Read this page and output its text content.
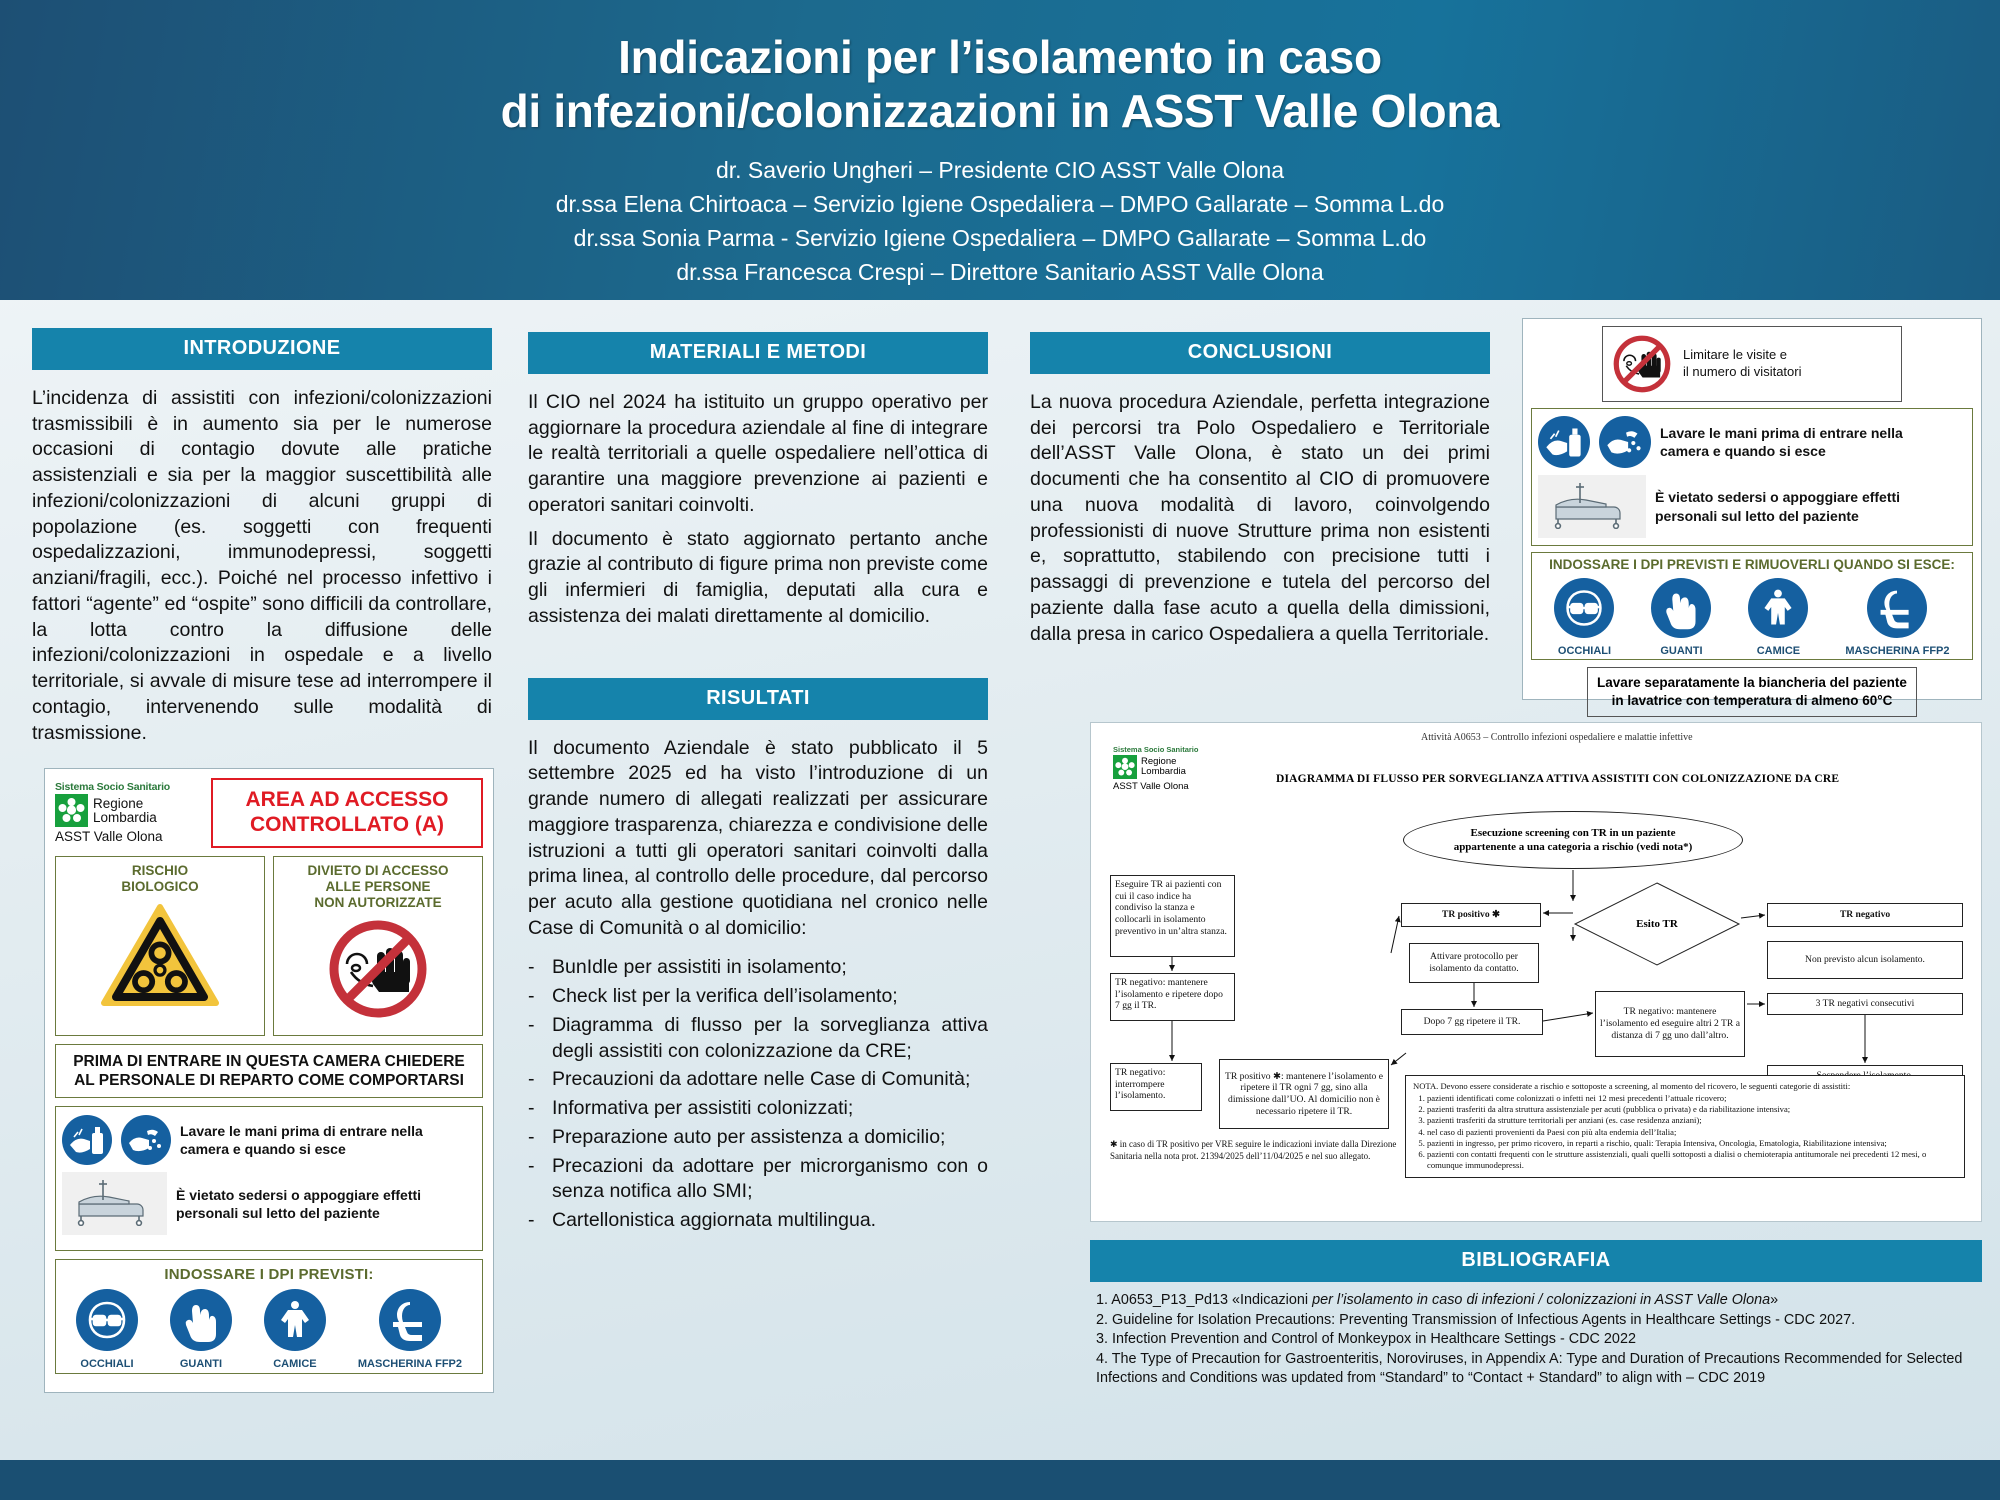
Indicazioni per l’isolamento in caso
di infezioni/colonizzazioni in ASST Valle Olona
dr. Saverio Ungheri – Presidente CIO ASST Valle Olona
dr.ssa Elena Chirtoaca – Servizio Igiene Ospedaliera – DMPO Gallarate – Somma L.do
dr.ssa Sonia Parma - Servizio Igiene Ospedaliera – DMPO Gallarate – Somma L.do
dr.ssa Francesca Crespi – Direttore Sanitario ASST Valle Olona
INTRODUZIONE

L’incidenza di assistiti con infezioni/colonizzazioni trasmissibili è in aumento sia per le numerose occasioni di contagio dovute alle pratiche assistenziali e sia per la maggior suscettibilità alle infezioni/colonizzazioni di alcuni gruppi di popolazione (es. soggetti con frequenti ospedalizzazioni, immunodepressi, soggetti anziani/fragili, ecc.). Poiché nel processo infettivo i fattori “agente” ed “ospite” sono difficili da controllare, la lotta contro la diffusione delle infezioni/colonizzazioni in ospedale e a livello territoriale, si avvale di misure tese ad interrompere il contagio, intervenendo sulle modalità di trasmissione.

Sistema Socio Sanitario
Regione
Lombardia
ASST Valle Olona
AREA AD ACCESSO
CONTROLLATO (A)
RISCHIO
BIOLOGICO
DIVIETO DI ACCESSO
ALLE PERSONE
NON AUTORIZZATE
PRIMA DI ENTRARE IN QUESTA CAMERA CHIEDERE
AL PERSONALE DI REPARTO COME COMPORTARSI
Lavare le mani prima di entrare nella
camera e quando si esce
È vietato sedersi o appoggiare effetti
personali sul letto del paziente
INDOSSARE I DPI PREVISTI:
OCCHIALI	GUANTI	CAMICE	MASCHERINA FFP2
MATERIALI E METODI

Il CIO nel 2024 ha istituito un gruppo operativo per aggiornare la procedura aziendale al fine di integrare le realtà territoriali a quelle ospedaliere nell’ottica di garantire una maggiore prevenzione ai pazienti e operatori sanitari coinvolti.

Il documento è stato aggiornato pertanto anche grazie al contributo di figure prima non previste come gli infermieri di famiglia, deputati alla cura e assistenza dei malati direttamente al domicilio.

RISULTATI

Il documento Aziendale è stato pubblicato il 5 settembre 2025 ed ha visto l’introduzione di un grande numero di allegati realizzati per assicurare maggiore trasparenza, chiarezza e condivisione delle istruzioni a tutti gli operatori sanitari coinvolti dalla prima linea, al controllo delle procedure, dal percorso per acuto alla gestione quotidiana nel cronico nelle Case di Comunità o al domicilio:

- BunIdle per assistiti in isolamento;
- Check list per la verifica dell’isolamento;
- Diagramma di flusso per la sorveglianza attiva degli assistiti con colonizzazione da CRE;
- Precauzioni da adottare nelle Case di Comunità;
- Informativa per assistiti colonizzati;
- Preparazione auto per assistenza a domicilio;
- Precazioni da adottare per microrganismo con o senza notifica allo SMI;
- Cartellonistica aggiornata multilingua.
CONCLUSIONI

La nuova procedura Aziendale, perfetta integrazione dei percorsi tra Polo Ospedaliero e Territoriale dell’ASST Valle Olona, è stato un dei primi documenti che ha consentito al CIO di promuovere una nuova modalità di lavoro, coinvolgendo professionisti di nuove Strutture prima non esistenti e, soprattutto, stabilendo con precisione tutti i passaggi di prevenzione e tutela del percorso del paziente dalla fase acuto a quella della dimissioni, dalla presa in carico Ospedaliera a quella Territoriale.

Limitare le visite e
il numero di visitatori
Lavare le mani prima di entrare nella
camera e quando si esce
È vietato sedersi o appoggiare effetti
personali sul letto del paziente
INDOSSARE I DPI PREVISTI E RIMUOVERLI QUANDO SI ESCE:
OCCHIALI	GUANTI	CAMICE	MASCHERINA FFP2
Lavare separatamente la biancheria del paziente
in lavatrice con temperatura di almeno 60°C
Attività A0653 – Controllo infezioni ospedaliere e malattie infettive
Sistema Socio Sanitario
Regione
Lombardia
ASST Valle Olona
DIAGRAMMA DI FLUSSO PER SORVEGLIANZA ATTIVA ASSISTITI CON COLONIZZAZIONE DA CRE
Esecuzione screening con TR in un paziente
appartenente a una categoria a rischio (vedi nota*)
Eseguire TR ai pazienti con cui il caso indice ha condiviso la stanza e collocarli in isolamento preventivo in un’altra stanza.
TR negativo: mantenere l’isolamento e ripetere dopo 7 gg il TR.
TR negativo: interrompere l’isolamento.
TR positivo ✱: mantenere l’isolamento e ripetere il TR ogni 7 gg, sino alla dimissione dall’UO. Al domicilio non è necessario ripetere il TR.
TR positivo ✱
Attivare protocollo per isolamento da contatto.
Dopo 7 gg ripetere il TR.
Esito TR
TR negativo
Non previsto alcun isolamento.
3 TR negativi consecutivi
TR negativo: mantenere l’isolamento ed eseguire altri 2 TR a distanza di 7 gg uno dall’altro.
✱ in caso di TR positivo per VRE seguire le indicazioni inviate dalla Direzione Sanitaria nella nota prot. 21394/2025 dell’11/04/2025 e nel suo allegato.
NOTA. Devono essere considerate a rischio e sottoposte a screening, al momento del ricovero, le seguenti categorie di assistiti:
1. pazienti identificati come colonizzati o infetti nei 12 mesi precedenti l’attuale ricovero;
2. pazienti trasferiti da altra struttura assistenziale per acuti (pubblica o privata) e da riabilitazione intensiva;
3. pazienti trasferiti da strutture territoriali per anziani (es. case residenza anziani);
4. nel caso di pazienti provenienti da Paesi con più alta endemia dell’Italia;
5. pazienti in ingresso, per primo ricovero, in reparti a rischio, quali: Terapia Intensiva, Oncologia, Ematologia, Riabilitazione intensiva;
6. pazienti con contatti frequenti con le strutture assistenziali, quali quelli sottoposti a dialisi o chemioterapia antitumorale nei precedenti 12 mesi, o comunque immunodepressi.
BIBLIOGRAFIA
1. A0653_P13_Pd13 «Indicazioni per l’isolamento in caso di infezioni / colonizzazioni in ASST Valle Olona»
2. Guideline for Isolation Precautions: Preventing Transmission of Infectious Agents in Healthcare Settings - CDC 2027.
3. Infection Prevention and Control of Monkeypox in Healthcare Settings - CDC 2022
4. The Type of Precaution for Gastroenteritis, Noroviruses, in Appendix A: Type and Duration of Precautions Recommended for Selected Infections and Conditions was updated from “Standard” to “Contact + Standard” to align with – CDC 2019
